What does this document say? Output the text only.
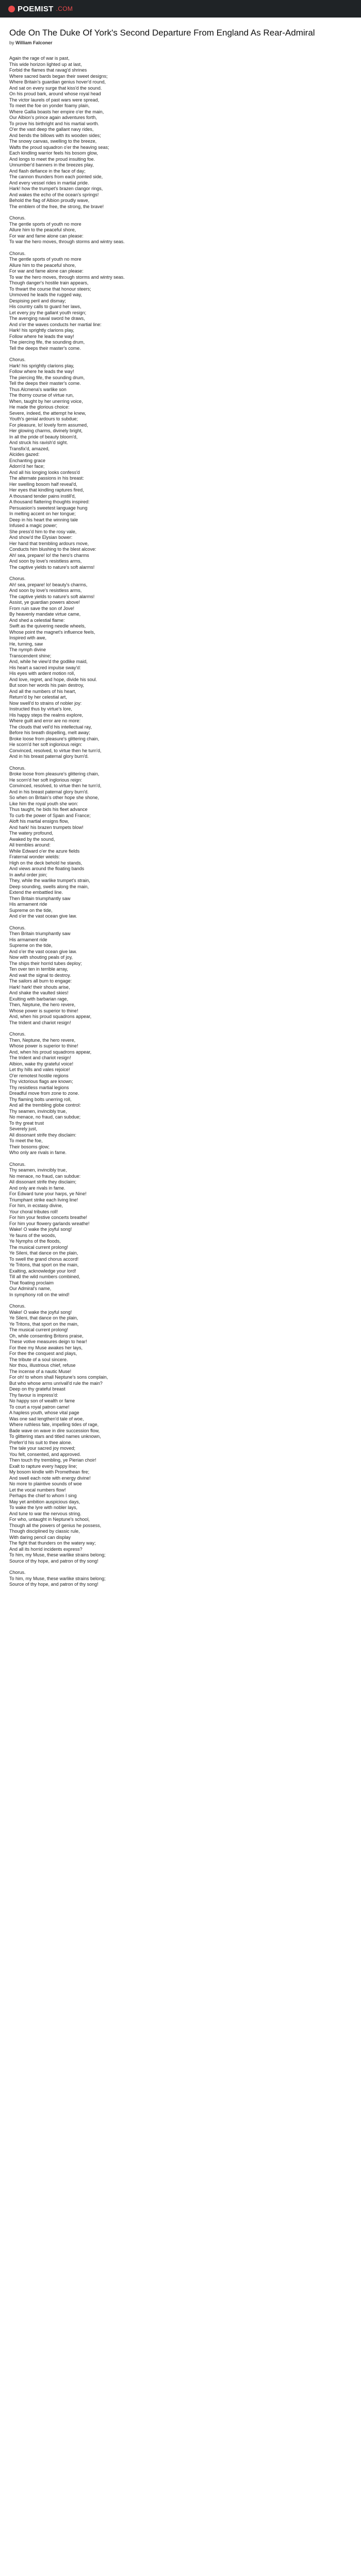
POEMIST .COM
Ode On The Duke Of York's Second Departure From England As Rear-Admiral
by William Falconer
Again the rage of war is past,
This wide horizon lighted up at last,
Forbid the flames that ravag'd shrines
Where sacred bards began their sweet designs;
Where Britain's guardian genius hover'd round,
And sat on every surge that kiss'd the sound.
On his proud bark, around whose royal head
The victor laurels of past wars were spread,
To meet the foe on yonder foamy plain,
Where Gallia boasts her empire o'er the main,
Our Albion's prince again adventures forth,
To prove his birthright and his martial worth.
O'er the vast deep the gallant navy rides,
And bends the billows with its wooden sides;
The snowy canvas, swelling to the breeze,
Wafts the proud squadron o'er the heaving seas;
Each kindling warrior feels his bosom glow,
And longs to meet the proud insulting foe.
Unnumber'd banners in the breezes play,
And flash defiance in the face of day;
The cannon thunders from each pointed side,
And every vessel rides in martial pride.
Hark! how the trumpet's brazen clangor rings,
And wakes the echo of the ocean's springs!
Behold the flag of Albion proudly wave,
The emblem of the free, the strong, the brave!
Chorus.
The gentle sports of youth no more
Allure him to the peaceful shore,
For war and fame alone can please:
To war the hero moves, through storms and wintry seas.
Chorus.
The gentle sports of youth no more
Allure him to the peaceful shore,
For war and fame alone can please:
To war the hero moves, through storms and wintry seas.
Though danger's hostile train appears,
To thwart the course that honour steers;
Unmoved he leads the rugged way,
Despising peril and dismay;
His country calls to guard her laws,
Let every joy the gallant youth resign;
The avenging naval sword he draws,
And o'er the waves conducts her martial line:
Hark! his sprightly clarions play,
Follow where he leads the way!
The piercing fife, the sounding drum,
Tell the deeps their master's come.
Chorus.
Hark! his sprightly clarions play,
Follow where he leads the way!
The piercing fife, the sounding drum,
Tell the deeps their master's come.
Thus Alcmena's warlike son
The thorny course of virtue run,
When, taught by her unerring voice,
He made the glorious choice:
Severe, indeed, the attempt he knew,
Youth's genial ardours to subdue;
For pleasure, lo! lovely form assumed,
Her glowing charms, divinely bright,
In all the pride of beauty bloom'd,
And struck his ravish'd sight.
Transfix'd, amazed,
Alcides gazed:
Enchanting grace
Adorn'd her face;
And all his longing looks confess'd
The alternate passions in his breast:
Her swelling bosom half reveal'd,
Her eyes that kindling raptures fired,
A thousand tender pains instill'd,
A thousand flattering thoughts inspired:
Persuasion's sweetest language hung
In melting accent on her tongue;
Deep in his heart the winning tale
Infused a magic power;
She press'd him to the rosy vale,
And show'd the Elysian bower:
Her hand that trembling ardours move,
Conducts him blushing to the blest alcove:
Ah! sea, prepare! lo! the hero's charms
And soon by love's resistless arms,
The captive yields to nature's soft alarms!
Chorus.
Ah! sea, prepare! lo! beauty's charms,
And soon by love's resistless arms,
The captive yields to nature's soft alarms!
Assist, ye guardian powers above!
From ruin save the son of Jove!
By heavenly mandate virtue came,
And shed a celestial flame:
Swift as the quivering needle wheels,
Whose point the magnet's influence feels,
Inspired with awe,
He, turning, saw
The nymph divine
Transcendent shine;
And, while he view'd the godlike maid,
His heart a sacred impulse sway'd:
His eyes with ardent motion roll,
And love, regret, and hope, divide his soul.
But soon her words his pain destroy,
And all the numbers of his heart,
Return'd by her celestial art,
Now swell'd to strains of nobler joy:
Instructed thus by virtue's lore,
His happy steps the realms explore,
Where guilt and error are no more:
The clouds that veil'd his intellectual ray,
Before his breath dispelling, melt away;
Broke loose from pleasure's glittering chain,
He scorn'd her soft inglorious reign:
Convinced, resolved, to virtue then he turn'd,
And in his breast paternal glory burn'd.
Chorus.
Broke loose from pleasure's glittering chain,
He scorn'd her soft inglorious reign:
Convinced, resolved, to virtue then he turn'd,
And in his breast paternal glory burn'd.
So when on Britain's other hope she shone,
Like him the royal youth she won:
Thus taught, he bids his fleet advance
To curb the power of Spain and France;
Aloft his martial ensigns flow,
And hark! his brazen trumpets blow!
The watery profound,
Awaked by the sound,
All trembles around:
While Edward o'er the azure fields
Fraternal wonder wields:
High on the deck behold he stands,
And views around the floating bands
In awful order join;
They, while the warlike trumpet's strain,
Deep sounding, swells along the main,
Extend the embattled line.
Then Britain triumphantly saw
His armament ride
Supreme on the tide,
And o'er the vast ocean give law.
Chorus.
Then Britain triumphantly saw
His armament ride
Supreme on the tide,
And o'er the vast ocean give law.
Now with shouting peals of joy,
The ships their horrid tubes deploy;
Ten over ten in terrible array,
And wait the signal to destroy.
The sailors all burn to engage:
Hark! hark! their shouts arise,
And shake the vaulted skies!
Exulting with barbarian rage,
Then, Neptune, the hero revere,
Whose power is superior to thine!
And, when his proud squadrons appear,
The trident and chariot resign!
Chorus.
Then, Neptune, the hero revere,
Whose power is superior to thine!
And, when his proud squadrons appear,
The trident and chariot resign!
Albion, wake thy grateful voice!
Let thy hills and vales rejoice!
O'er remotest hostile regions
Thy victorious flags are known;
Thy resistless martial legions
Dreadful move from zone to zone.
Thy flaming bolts unerring roll,
And all the trembling globe control:
Thy seamen, invincibly true,
No menace, no fraud, can subdue;
To thy great trust
Severely just,
All dissonant strife they disclaim:
To meet the foe,
Their bosoms glow;
Who only are rivals in fame.
Chorus.
Thy seamen, invincibly true,
No menace, no fraud, can subdue:
All dissonant strife they disclaim;
And only are rivals in fame.
For Edward tune your harps, ye Nine!
Triumphant strike each living line!
For him, in ecstasy divine,
Your choral tributes roll!
For him your festive concerts breathe!
For him your flowery garlands wreathe!
Wake! O wake the joyful song!
Ye fauns of the woods,
Ye Nymphs of the floods,
The musical current prolong!
Ye Sileni, that dance on the plain,
To swell the grand chorus accord!
Ye Tritons, that sport on the main,
Exalting, acknowledge your lord!
Till all the wild numbers combined,
That floating proclaim
Our Admiral's name,
In symphony roll on the wind!
Chorus.
Wake! O wake the joyful song!
Ye Sileni, that dance on the plain,
Ye Tritons, that sport on the main,
The musical current prolong!
Oh, while consenting Britons praise,
These votive measures deign to hear!
For thee my Muse awakes her lays,
For thee the conquest and plays,
The tribute of a soul sincere.
Nor thou, illustrious chief, refuse
The incense of a nautic Muse!
For oh! to whom shall Neptune's sons complain,
But who whose arms unrivall'd rule the main?
Deep on thy grateful breast
Thy favour is impress'd:
No happy son of wealth or fame
To court a royal patron came!
A hapless youth, whose vital page
Was one sad lengthen'd tale of woe,
Where ruthless fate, impelling tides of rage,
Bade wave on wave in dire succession flow,
To glittering stars and titled names unknown,
Preferr'd his suit to thee alone.
The tale your sacred joy moved;
You felt, consented, and approved.
Then touch thy trembling, ye Pierian choir!
Exalt to rapture every happy line;
My bosom kindle with Promethean fire;
And swell each note with energy divine!
No more to plaintive sounds of woe
Let the vocal numbers flow!
Perhaps the chief to whom I sing
May yet ambition auspicious days,
To wake the lyre with nobler lays,
And tune to war the nervous string.
For who, untaught in Neptune's school,
Though all the powers of genius he possess,
Though disciplined by classic rule,
With daring pencil can display
The fight that thunders on the watery way;
And all its horrid incidents express?
To him, my Muse, these warlike strains belong;
Source of thy hope, and patron of thy song!
Chorus.
To him, my Muse, these warlike strains belong;
Source of thy hope, and patron of thy song!
